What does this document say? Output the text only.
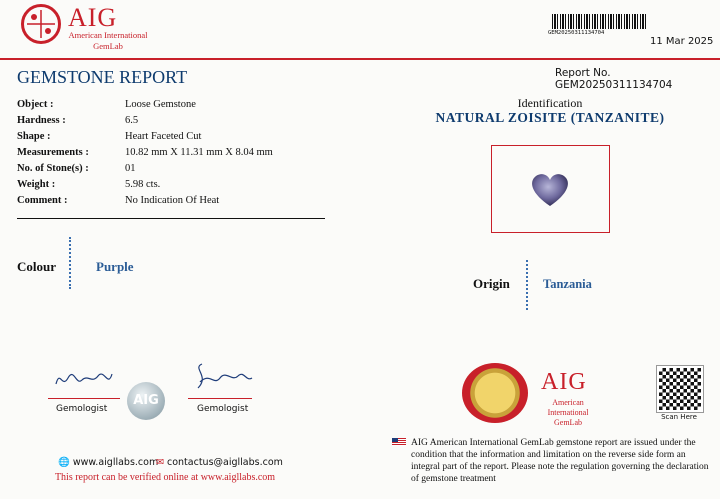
AIG
American International
GemLab
GEM20250311134704
11 Mar 2025
GEMSTONE REPORT	Report No. GEM20250311134704
Object :	Loose Gemstone
Hardness :	6.5
Shape :	Heart Faceted Cut
Measurements :	10.82 mm X 11.31 mm X 8.04 mm
No. of Stone(s) :	01
Weight :	5.98 cts.
Comment :	No Indication Of Heat
Colour	Purple
Identification
NATURAL ZOISITE (TANZANITE)
Origin	Tanzania
Gemologist
AIG
Gemologist
🌐 www.aigllabs.com
✉ contactus@aigllabs.com
This report can be verified online at www.aigllabs.com
AIG
American International
GemLab
Scan Here
AIG American International GemLab gemstone report are issued under the condition that the information and limitation on the reverse side form an integral part of the report. Please note the regulation governing the declaration of gemstone treatment
